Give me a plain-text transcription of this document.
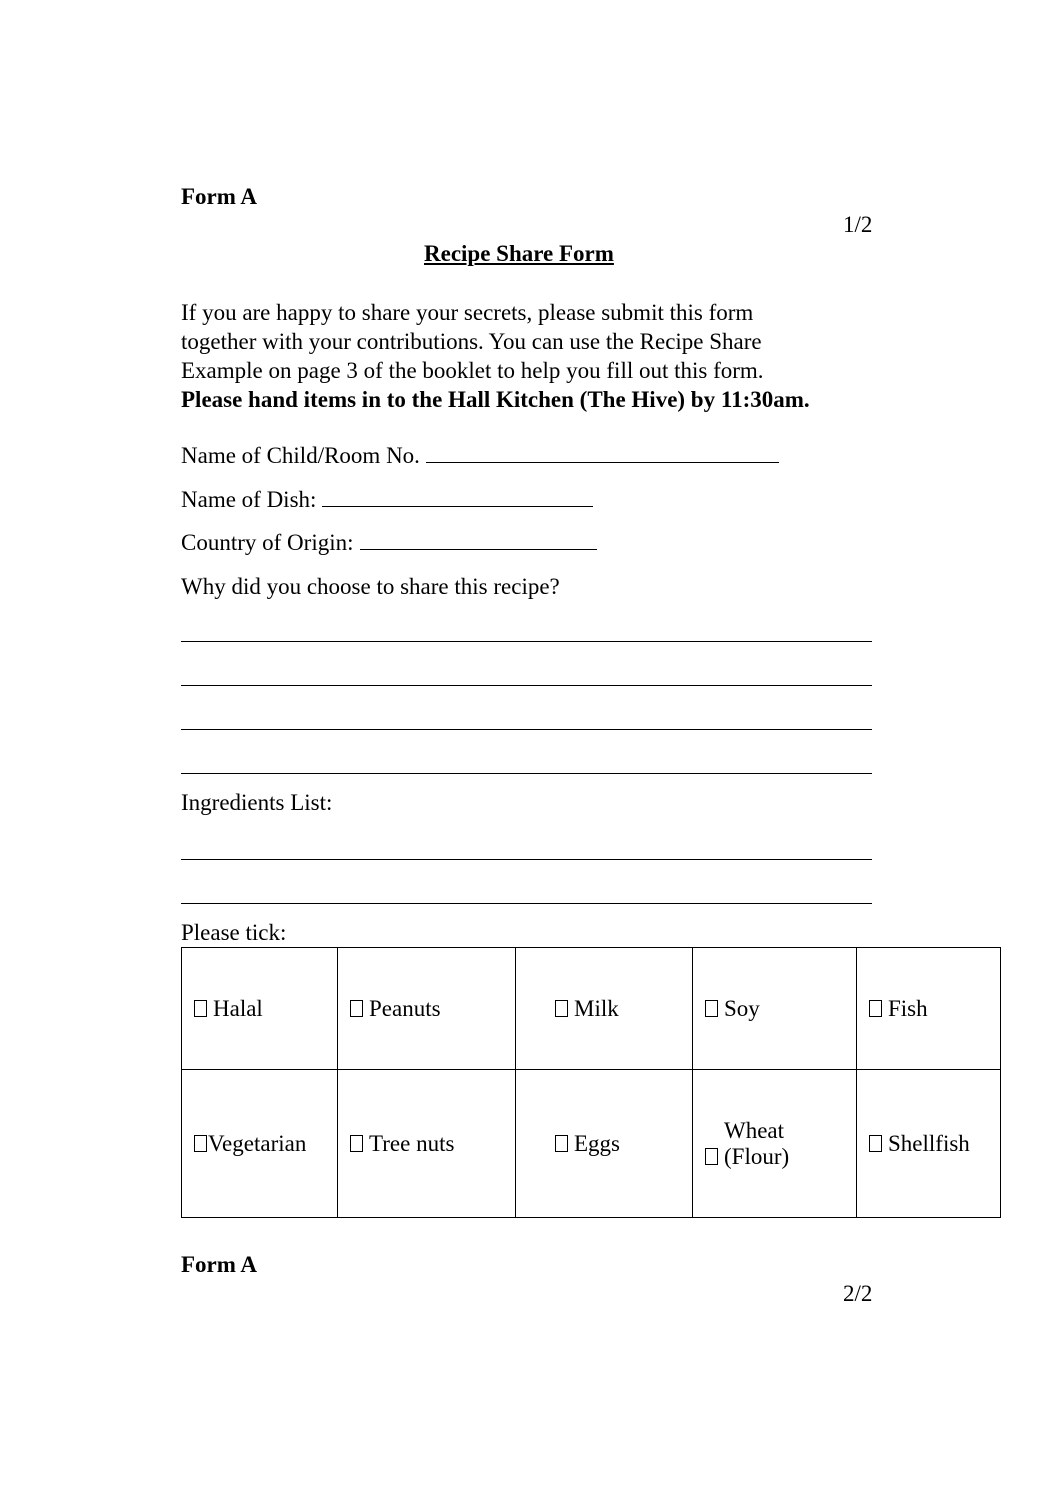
Form A
1/2
Recipe Share Form
If you are happy to share your secrets, please submit this form
together with your contributions. You can use the Recipe Share
Example on page 3 of the booklet to help you fill out this form.
Please hand items in to the Hall Kitchen (The Hive) by 11:30am.
Name of Child/Room No.
Name of Dish:
Country of Origin:
Why did you choose to share this recipe?
Ingredients List:
Please tick:
Halal	Peanuts	Milk	Soy	Fish
Vegetarian	Tree nuts	Eggs	Wheat (Flour)	Shellfish
Form A
2/2
